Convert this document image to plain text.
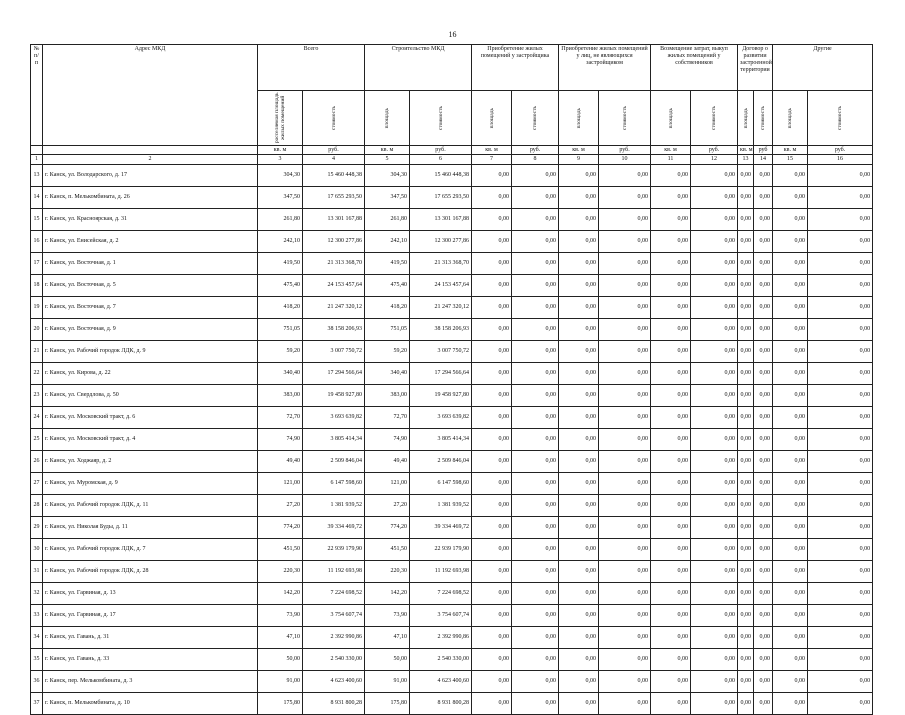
16
№ п/п	Адрес МКД	Всего		Строительство МКД		Приобретение жилых помещений у застройщика		Приобретение жилых помещений у лиц, не являющихся застройщиком		Возмещение затрат, выкуп жилых помещений у собственников		Договор о развитии застроенной территории		Другие	

		расселяемая площадь жилых помещений	стоимость	площадь	стоимость	площадь	стоимость	площадь	стоимость	площадь	стоимость	площадь	стоимость	площадь	стоимость

		кв. м	руб.	кв. м	руб.	кв. м	руб.	кв. м	руб.	кв. м	руб.	кв. м	руб	кв. м	руб.
1	2	3	4	5	6	7	8	9	10	11	12	13	14	15	16
13	г. Канск, ул. Володарского, д. 17	304,30	15 460 448,38	304,30	15 460 448,38	0,00	0,00	0,00	0,00	0,00	0,00	0,00	0,00	0,00	0,00
14	г. Канск, п. Мелькомбината, д. 26	347,50	17 655 293,50	347,50	17 655 293,50	0,00	0,00	0,00	0,00	0,00	0,00	0,00	0,00	0,00	0,00
15	г. Канск, ул. Красноярская, д. 31	261,80	13 301 167,88	261,80	13 301 167,88	0,00	0,00	0,00	0,00	0,00	0,00	0,00	0,00	0,00	0,00
16	г. Канск, ул. Енисейская, д. 2	242,10	12 300 277,86	242,10	12 300 277,86	0,00	0,00	0,00	0,00	0,00	0,00	0,00	0,00	0,00	0,00
17	г. Канск, ул. Восточная, д. 1	419,50	21 313 368,70	419,50	21 313 368,70	0,00	0,00	0,00	0,00	0,00	0,00	0,00	0,00	0,00	0,00
18	г. Канск, ул. Восточная, д. 5	475,40	24 153 457,64	475,40	24 153 457,64	0,00	0,00	0,00	0,00	0,00	0,00	0,00	0,00	0,00	0,00
19	г. Канск, ул. Восточная, д. 7	418,20	21 247 320,12	418,20	21 247 320,12	0,00	0,00	0,00	0,00	0,00	0,00	0,00	0,00	0,00	0,00
20	г. Канск, ул. Восточная, д. 9	751,05	38 158 206,93	751,05	38 158 206,93	0,00	0,00	0,00	0,00	0,00	0,00	0,00	0,00	0,00	0,00
21	г. Канск, ул. Рабочий городок ЛДК, д. 9	59,20	3 007 750,72	59,20	3 007 750,72	0,00	0,00	0,00	0,00	0,00	0,00	0,00	0,00	0,00	0,00
22	г. Канск, ул. Кирова, д. 22	340,40	17 294 566,64	340,40	17 294 566,64	0,00	0,00	0,00	0,00	0,00	0,00	0,00	0,00	0,00	0,00
23	г. Канск, ул. Свердлова, д. 50	383,00	19 458 927,80	383,00	19 458 927,80	0,00	0,00	0,00	0,00	0,00	0,00	0,00	0,00	0,00	0,00
24	г. Канск, ул. Московский тракт, д. 6	72,70	3 693 639,82	72,70	3 693 639,82	0,00	0,00	0,00	0,00	0,00	0,00	0,00	0,00	0,00	0,00
25	г. Канск, ул. Московский тракт, д. 4	74,90	3 805 414,34	74,90	3 805 414,34	0,00	0,00	0,00	0,00	0,00	0,00	0,00	0,00	0,00	0,00
26	г. Канск, ул. Ходжаяр, д. 2	49,40	2 509 846,04	49,40	2 509 846,04	0,00	0,00	0,00	0,00	0,00	0,00	0,00	0,00	0,00	0,00
27	г. Канск, ул. Муромская, д. 9	121,00	6 147 598,60	121,00	6 147 598,60	0,00	0,00	0,00	0,00	0,00	0,00	0,00	0,00	0,00	0,00
28	г. Канск, ул. Рабочий городок ЛДК, д. 11	27,20	1 381 939,52	27,20	1 381 939,52	0,00	0,00	0,00	0,00	0,00	0,00	0,00	0,00	0,00	0,00
29	г. Канск, ул. Николая Буды, д. 11	774,20	39 334 469,72	774,20	39 334 469,72	0,00	0,00	0,00	0,00	0,00	0,00	0,00	0,00	0,00	0,00
30	г. Канск, ул. Рабочий городок ЛДК, д. 7	451,50	22 939 179,90	451,50	22 939 179,90	0,00	0,00	0,00	0,00	0,00	0,00	0,00	0,00	0,00	0,00
31	г. Канск, ул. Рабочий городок ЛДК, д. 28	220,30	11 192 693,98	220,30	11 192 693,98	0,00	0,00	0,00	0,00	0,00	0,00	0,00	0,00	0,00	0,00
32	г. Канск, ул. Гарвиная, д. 13	142,20	7 224 698,52	142,20	7 224 698,52	0,00	0,00	0,00	0,00	0,00	0,00	0,00	0,00	0,00	0,00
33	г. Канск, ул. Гарвиная, д. 17	73,90	3 754 607,74	73,90	3 754 607,74	0,00	0,00	0,00	0,00	0,00	0,00	0,00	0,00	0,00	0,00
34	г. Канск, ул. Гавань, д. 31	47,10	2 392 990,86	47,10	2 392 990,86	0,00	0,00	0,00	0,00	0,00	0,00	0,00	0,00	0,00	0,00
35	г. Канск, ул. Гавань, д. 33	50,00	2 540 330,00	50,00	2 540 330,00	0,00	0,00	0,00	0,00	0,00	0,00	0,00	0,00	0,00	0,00
36	г. Канск, пер. Мелькомбината, д. 3	91,00	4 623 400,60	91,00	4 623 400,60	0,00	0,00	0,00	0,00	0,00	0,00	0,00	0,00	0,00	0,00
37	г. Канск, п. Мелькомбината, д. 10	175,80	8 931 800,28	175,80	8 931 800,28	0,00	0,00	0,00	0,00	0,00	0,00	0,00	0,00	0,00	0,00
